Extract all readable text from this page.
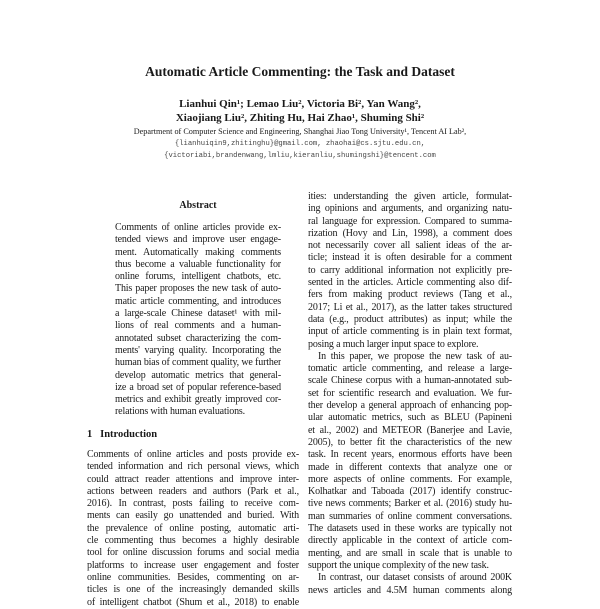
Automatic Article Commenting: the Task and Dataset
Lianhui Qin¹; Lemao Liu², Victoria Bi², Yan Wang²,
Xiaojiang Liu², Zhiting Hu, Hai Zhao¹, Shuming Shi²
Department of Computer Science and Engineering, Shanghai Jiao Tong University¹, Tencent AI Lab²,
{lianhuiqin9,zhitinghu}@gmail.com, zhaohai@cs.sjtu.edu.cn,
{victoriabi,brandenwang,lmliu,kieranliu,shumingshi}@tencent.com
Abstract
Comments of online articles provide ex-
tended views and improve user engage-
ment. Automatically making comments
thus become a valuable functionality for
online forums, intelligent chatbots, etc.
This paper proposes the new task of auto-
matic article commenting, and introduces
a large-scale Chinese dataset¹ with mil-
lions of real comments and a human-
annotated subset characterizing the com-
ments' varying quality. Incorporating the
human bias of comment quality, we further
develop automatic metrics that general-
ize a broad set of popular reference-based
metrics and exhibit greatly improved cor-
relations with human evaluations.
1   Introduction
Comments of online articles and posts provide ex-
tended information and rich personal views, which
could attract reader attentions and improve inter-
actions between readers and authors (Park et al.,
2016). In contrast, posts failing to receive com-
ments can easily go unattended and buried. With
the prevalence of online posting, automatic arti-
cle commenting thus becomes a highly desirable
tool for online discussion forums and social media
platforms to increase user engagement and foster
online communities. Besides, commenting on ar-
ticles is one of the increasingly demanded skills
of intelligent chatbot (Shum et al., 2018) to enable
ities: understanding the given article, formulat-
ing opinions and arguments, and organizing natu-
ral language for expression. Compared to summa-
rization (Hovy and Lin, 1998), a comment does
not necessarily cover all salient ideas of the ar-
ticle; instead it is often desirable for a comment
to carry additional information not explicitly pre-
sented in the articles. Article commenting also dif-
fers from making product reviews (Tang et al.,
2017; Li et al., 2017), as the latter takes structured
data (e.g., product attributes) as input; while the
input of article commenting is in plain text format,
posing a much larger input space to explore.
In this paper, we propose the new task of au-
tomatic article commenting, and release a large-
scale Chinese corpus with a human-annotated sub-
set for scientific research and evaluation. We fur-
ther develop a general approach of enhancing pop-
ular automatic metrics, such as BLEU (Papineni
et al., 2002) and METEOR (Banerjee and Lavie,
2005), to better fit the characteristics of the new
task. In recent years, enormous efforts have been
made in different contexts that analyze one or
more aspects of online comments. For example,
Kolhatkar and Taboada (2017) identify construc-
tive news comments; Barker et al. (2016) study hu-
man summaries of online comment conversations.
The datasets used in these works are typically not
directly applicable in the context of article com-
menting, and are small in scale that is unable to
support the unique complexity of the new task.
In contrast, our dataset consists of around 200K
news articles and 4.5M human comments along
